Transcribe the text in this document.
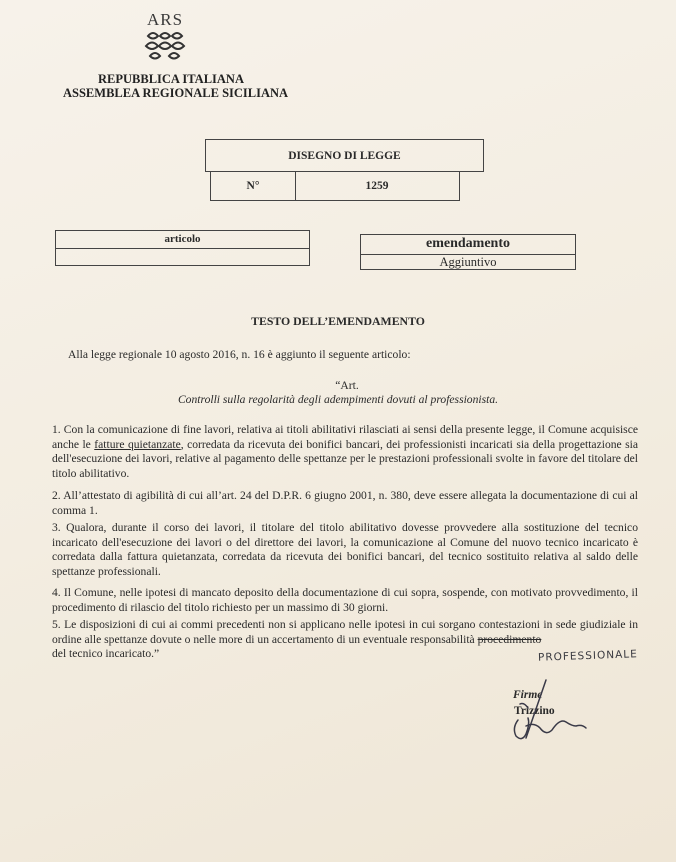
ARS
REPUBBLICA ITALIANA
ASSEMBLEA REGIONALE SICILIANA
DISEGNO DI LEGGE
N°	1259
articolo	emendamento
Aggiuntivo
TESTO DELL’EMENDAMENTO
Alla legge regionale 10 agosto 2016, n. 16 è aggiunto il seguente articolo:
“Art.
Controlli sulla regolarità degli adempimenti dovuti al professionista.
1. Con la comunicazione di fine lavori, relativa ai titoli abilitativi rilasciati ai sensi della presente legge, il Comune acquisisce anche le fatture quietanzate, corredata da ricevuta dei bonifici bancari, dei professionisti incaricati sia della progettazione sia dell'esecuzione dei lavori, relative al pagamento delle spettanze per le prestazioni professionali svolte in favore del titolare del titolo abilitativo.
2. All’attestato di agibilità di cui all’art. 24 del D.P.R. 6 giugno 2001, n. 380, deve essere allegata la documentazione di cui al comma 1.
3. Qualora, durante il corso dei lavori, il titolare del titolo abilitativo dovesse provvedere alla sostituzione del tecnico incaricato dell'esecuzione dei lavori o del direttore dei lavori, la comunicazione al Comune del nuovo tecnico incaricato è corredata dalla fattura quietanzata, corredata da ricevuta dei bonifici bancari, del tecnico sostituito relativa al saldo delle spettanze professionali.
4. Il Comune, nelle ipotesi di mancato deposito della documentazione di cui sopra, sospende, con motivato provvedimento, il procedimento di rilascio del titolo richiesto per un massimo di 30 giorni.
5. Le disposizioni di cui ai commi precedenti non si applicano nelle ipotesi in cui sorgano contestazioni in sede giudiziale in ordine alle spettanze dovute o nelle more di un accertamento di un eventuale responsabilità procedimento
del tecnico incaricato.”	PROFESSIONALE
Firme
Trizzino
